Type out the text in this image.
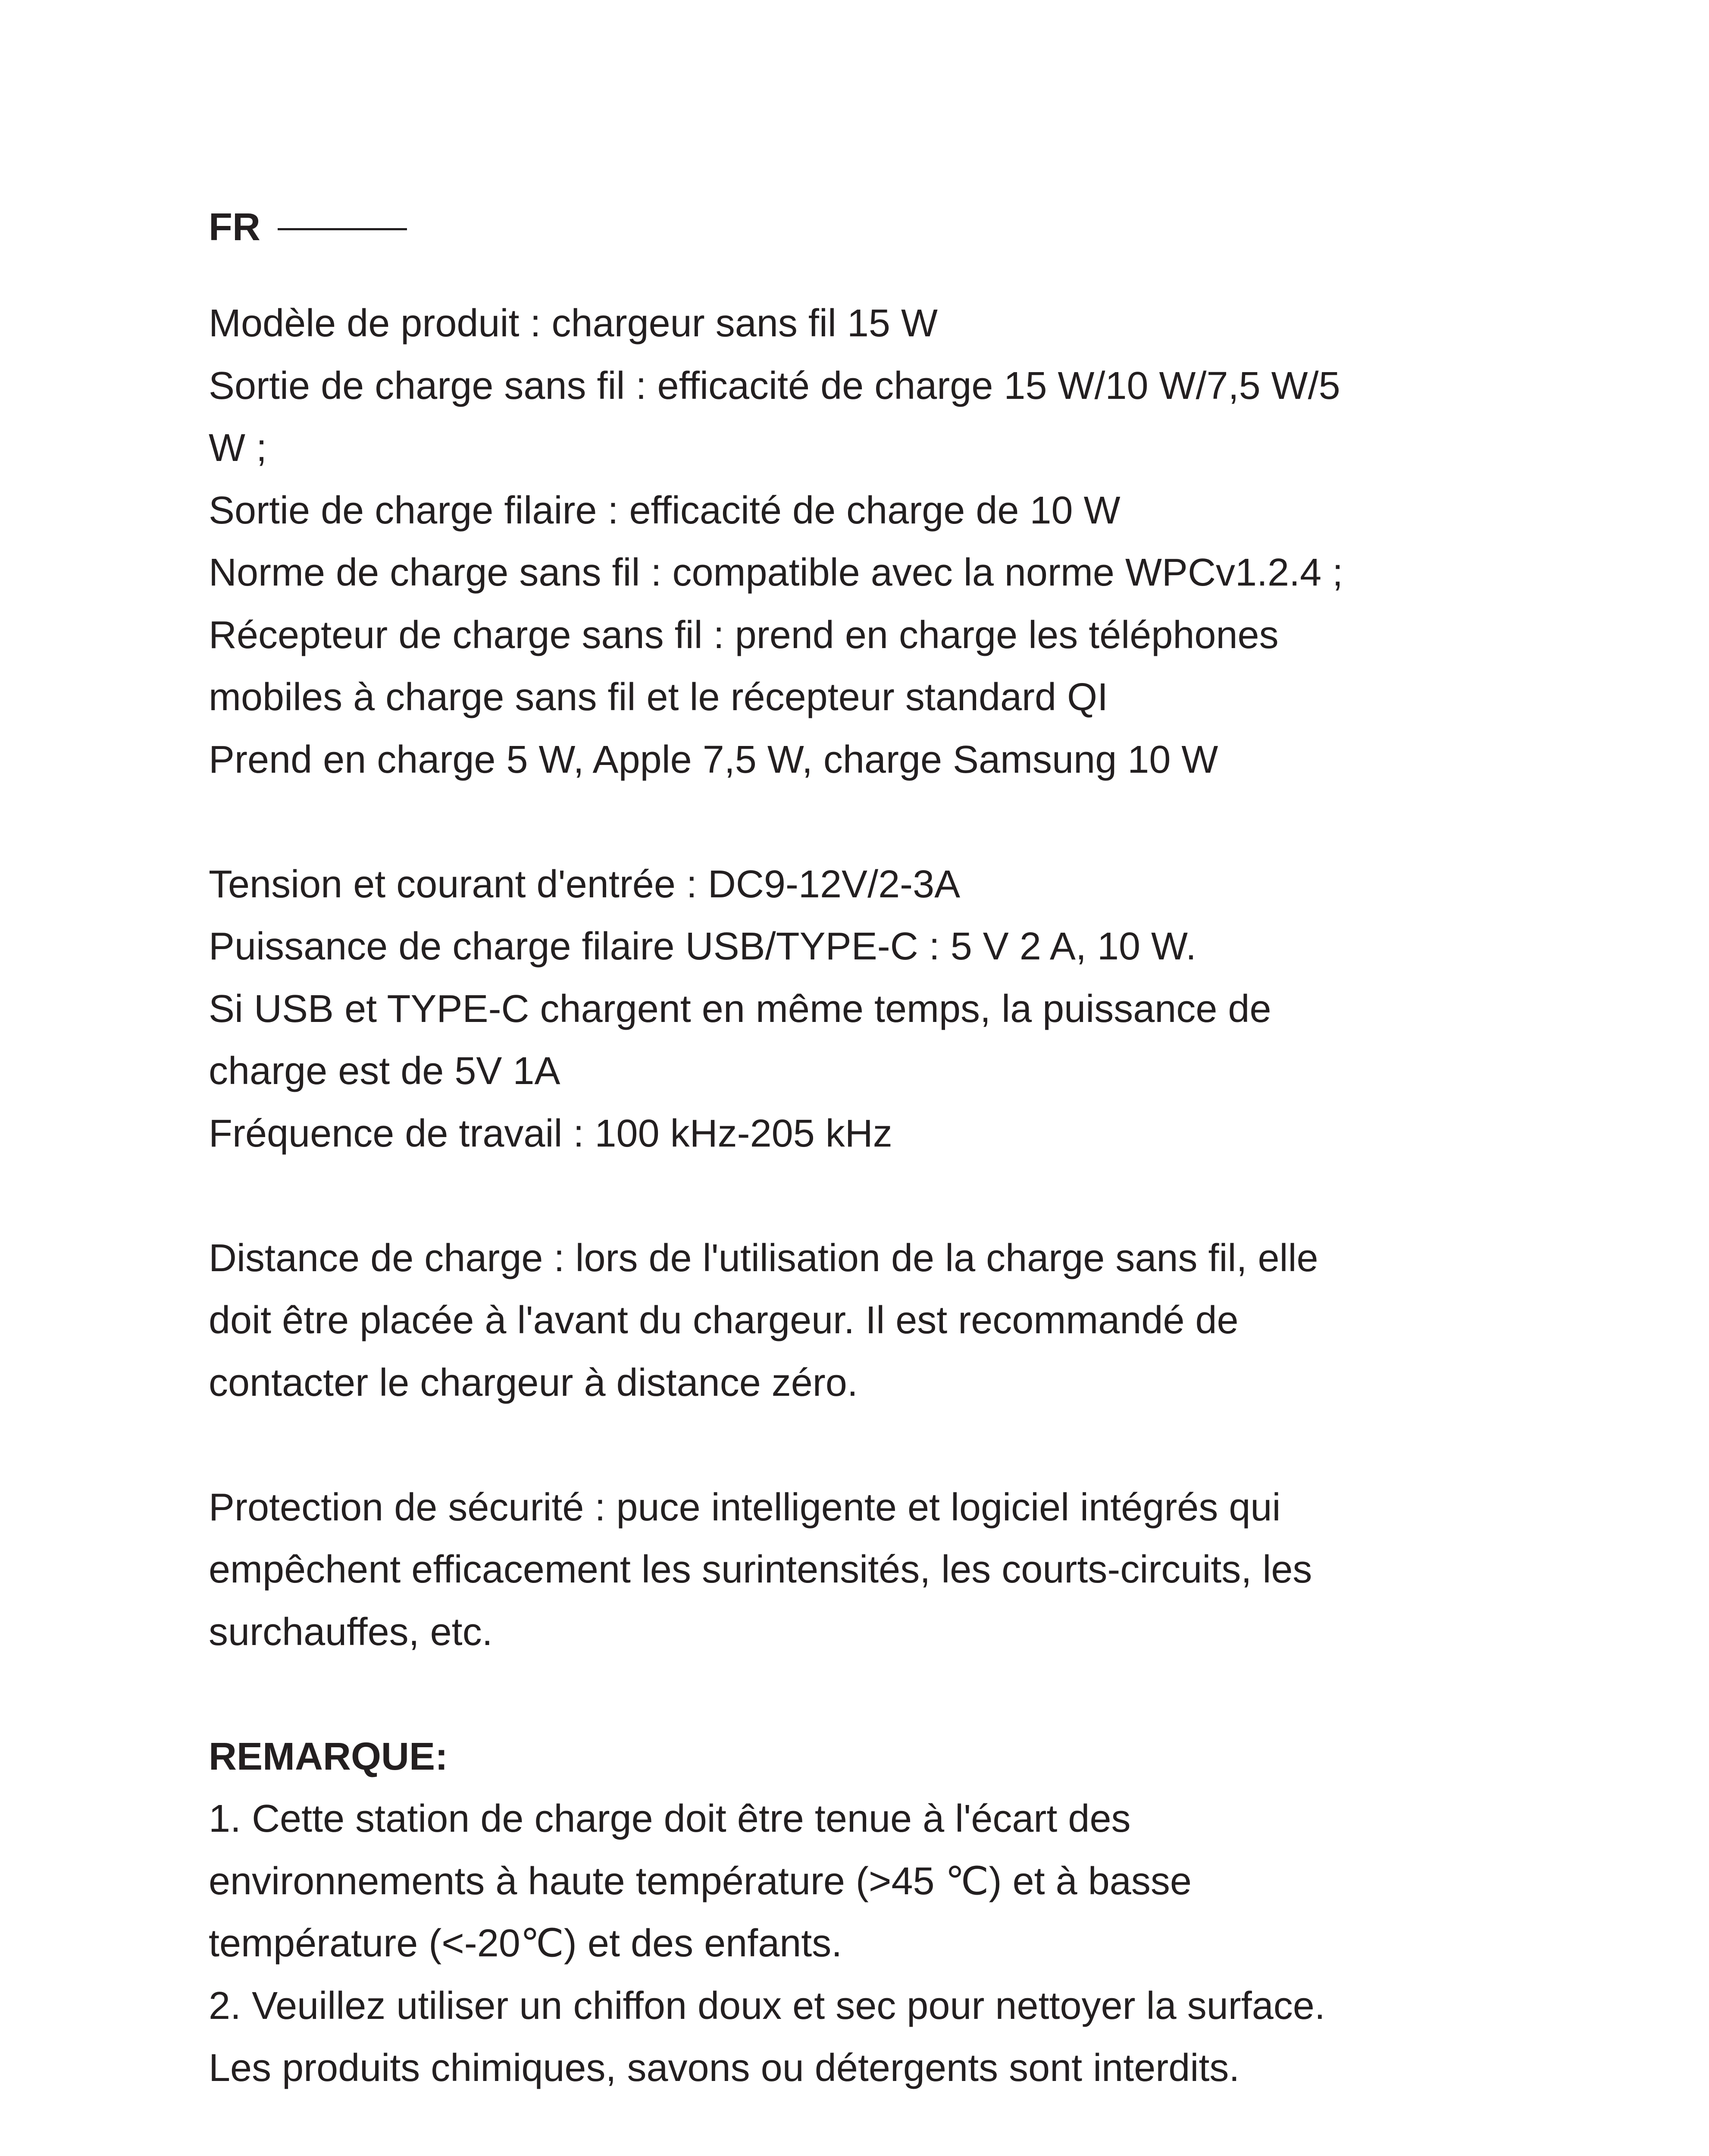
FR
Modèle de produit : chargeur sans fil 15 W
Sortie de charge sans fil : efficacité de charge 15 W/10 W/7,5 W/5
W ;
Sortie de charge filaire : efficacité de charge de 10 W
Norme de charge sans fil : compatible avec la norme WPCv1.2.4 ;
Récepteur de charge sans fil : prend en charge les téléphones
mobiles à charge sans fil et le récepteur standard QI
Prend en charge 5 W, Apple 7,5 W, charge Samsung 10 W
Tension et courant d'entrée : DC9-12V/2-3A
Puissance de charge filaire USB/TYPE-C : 5 V 2 A, 10 W.
Si USB et TYPE-C chargent en même temps, la puissance de
charge est de 5V 1A
Fréquence de travail : 100 kHz-205 kHz
Distance de charge : lors de l'utilisation de la charge sans fil, elle
doit être placée à l'avant du chargeur. Il est recommandé de
contacter le chargeur à distance zéro.
Protection de sécurité : puce intelligente et logiciel intégrés qui
empêchent efficacement les surintensités, les courts-circuits, les
surchauffes, etc.
REMARQUE:
1. Cette station de charge doit être tenue à l'écart des
environnements à haute température (>45 ℃) et à basse
température (<-20℃) et des enfants.
2. Veuillez utiliser un chiffon doux et sec pour nettoyer la surface.
Les produits chimiques, savons ou détergents sont interdits.
